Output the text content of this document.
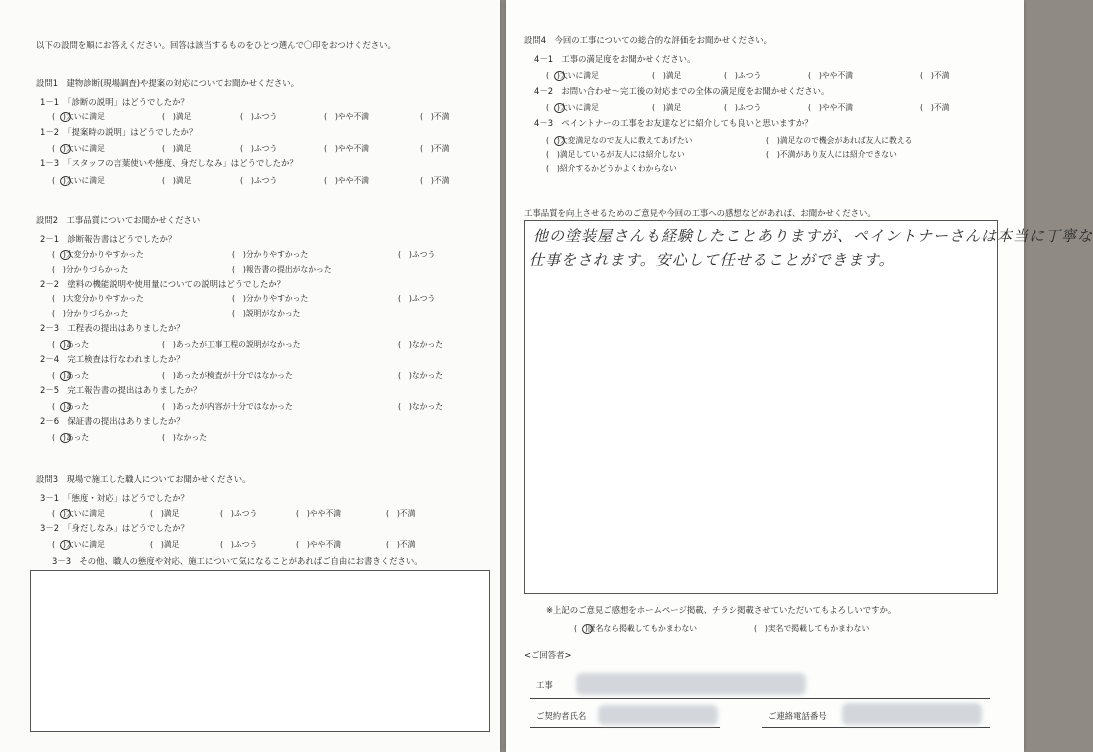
以下の設問を順にお答えください。回答は該当するものをひとつ選んで〇印をおつけください。
設問1　建物診断(現場調査)や提案の対応についてお聞かせください。
1－1　「診断の説明」はどうでしたか？
(　)大いに満足	(　)満足	(　)ふつう	(　)やや不満	(　)不満
1－2　「提案時の説明」はどうでしたか？
(　)大いに満足	(　)満足	(　)ふつう	(　)やや不満	(　)不満
1－3　「スタッフの言葉使いや態度、身だしなみ」はどうでしたか？
(　)大いに満足	(　)満足	(　)ふつう	(　)やや不満	(　)不満
設問2　工事品質についてお聞かせください
2－1　診断報告書はどうでしたか？
(　)大変分かりやすかった	(　)分かりやすかった	(　)ふつう
(　)分かりづらかった	(　)報告書の提出がなかった
2－2　塗料の機能説明や使用量についての説明はどうでしたか？
(　)大変分かりやすかった	(　)分かりやすかった	(　)ふつう
(　)分かりづらかった	(　)説明がなかった
2－3　工程表の提出はありましたか？
(　)あった	(　)あったが工事工程の説明がなかった	(　)なかった
2－4　完工検査は行なわれましたか？
(　)あった	(　)あったが検査が十分ではなかった	(　)なかった
2－5　完工報告書の提出はありましたか？
(　)あった	(　)あったが内容が十分ではなかった	(　)なかった
2－6　保証書の提出はありましたか？
(　)あった	(　)なかった
設問3　現場で施工した職人についてお聞かせください。
3－1　「態度・対応」はどうでしたか？
(　)大いに満足	(　)満足	(　)ふつう	(　)やや不満	(　)不満
3－2　「身だしなみ」はどうでしたか？
(　)大いに満足	(　)満足	(　)ふつう	(　)やや不満	(　)不満
3－3　その他、職人の態度や対応、施工について気になることがあればご自由にお書きください。
設問4　今回の工事についての総合的な評価をお聞かせください。
4－1　工事の満足度をお聞かせください。
(　)大いに満足	(　)満足	(　)ふつう	(　)やや不満	(　)不満
4－2　お問い合わせ～完工後の対応までの全体の満足度をお聞かせください。
(　)大いに満足	(　)満足	(　)ふつう	(　)やや不満	(　)不満
4－3　ペイントナーの工事をお友達などに紹介しても良いと思いますか？
(　)大変満足なので友人に教えてあげたい	(　)満足なので機会があれば友人に教える
(　)満足しているが友人には紹介しない	(　)不満があり友人には紹介できない
(　)紹介するかどうかよくわからない
工事品質を向上させるためのご意見や今回の工事への感想などがあれば、お聞かせください。
他の塗装屋さんも経験したことありますが、ペイントナーさんは本当に丁寧な
仕事をされます。安心して任せることができます。
※上記のご意見ご感想をホームページ掲載、チラシ掲載させていただいてもよろしいですか。
(　)匿名なら掲載してもかまわない	(　)実名で掲載してもかまわない
<ご回答者>
工事
ご契約者氏名	ご連絡電話番号
